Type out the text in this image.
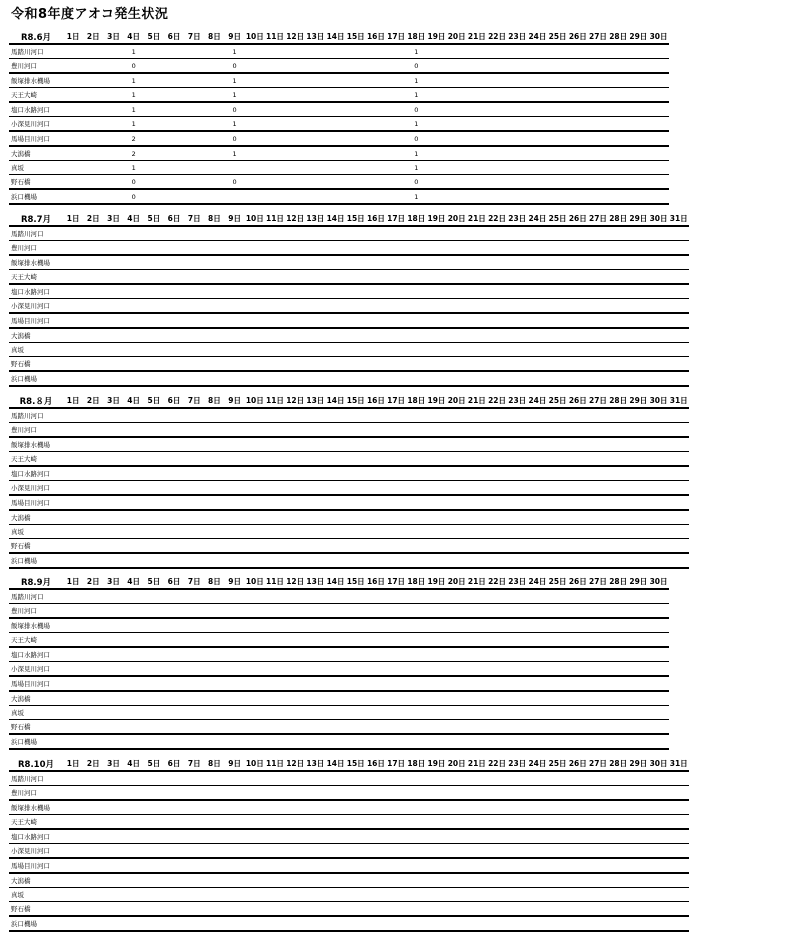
令和8年度アオコ発生状況
R8.6月	1日	2日	3日	4日	5日	6日	7日	8日	9日	10日	11日	12日	13日	14日	15日	16日	17日	18日	19日	20日	21日	22日	23日	24日	25日	26日	27日	28日	29日	30日
馬踏川河口				1					1									1												
豊川河口				0					0									0												
飯塚排水機場				1					1									1												
天王大崎				1					1									1												
塩口水路河口				1					0									0												
小深見川河口				1					1									1												
馬場目川河口				2					0									0												
大潟橋				2					1									1												
真坂				1														1												
野石橋				0					0									0												
浜口機場				0														1												
R8.7月	1日	2日	3日	4日	5日	6日	7日	8日	9日	10日	11日	12日	13日	14日	15日	16日	17日	18日	19日	20日	21日	22日	23日	24日	25日	26日	27日	28日	29日	30日	31日
馬踏川河口																															
豊川河口																															
飯塚排水機場																															
天王大崎																															
塩口水路河口																															
小深見川河口																															
馬場目川河口																															
大潟橋																															
真坂																															
野石橋																															
浜口機場																															
R8.８月	1日	2日	3日	4日	5日	6日	7日	8日	9日	10日	11日	12日	13日	14日	15日	16日	17日	18日	19日	20日	21日	22日	23日	24日	25日	26日	27日	28日	29日	30日	31日
馬踏川河口																															
豊川河口																															
飯塚排水機場																															
天王大崎																															
塩口水路河口																															
小深見川河口																															
馬場目川河口																															
大潟橋																															
真坂																															
野石橋																															
浜口機場																															
R8.9月	1日	2日	3日	4日	5日	6日	7日	8日	9日	10日	11日	12日	13日	14日	15日	16日	17日	18日	19日	20日	21日	22日	23日	24日	25日	26日	27日	28日	29日	30日
馬踏川河口																														
豊川河口																														
飯塚排水機場																														
天王大崎																														
塩口水路河口																														
小深見川河口																														
馬場目川河口																														
大潟橋																														
真坂																														
野石橋																														
浜口機場																														
R8.10月	1日	2日	3日	4日	5日	6日	7日	8日	9日	10日	11日	12日	13日	14日	15日	16日	17日	18日	19日	20日	21日	22日	23日	24日	25日	26日	27日	28日	29日	30日	31日
馬踏川河口																															
豊川河口																															
飯塚排水機場																															
天王大崎																															
塩口水路河口																															
小深見川河口																															
馬場目川河口																															
大潟橋																															
真坂																															
野石橋																															
浜口機場																															
